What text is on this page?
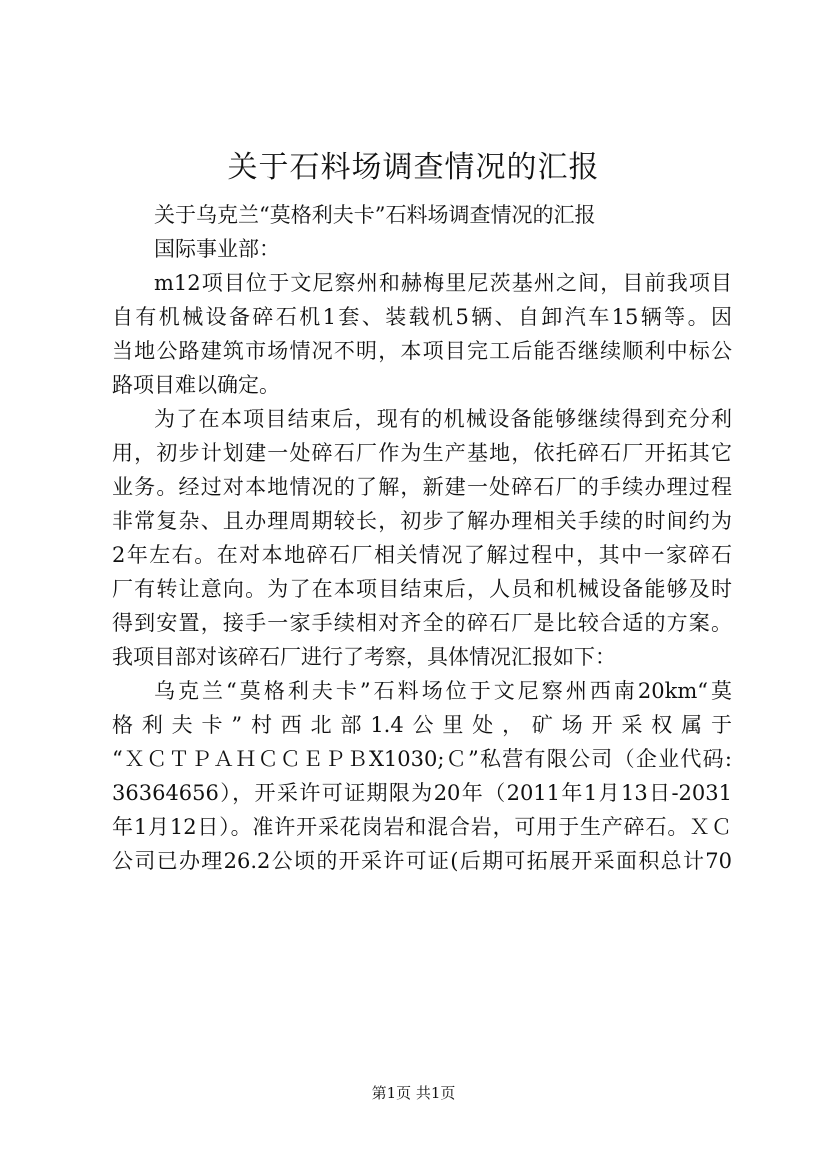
关于石料场调查情况的汇报
关于乌克兰“莫格利夫卡”石料场调查情况的汇报
国际事业部：
m12项目位于文尼察州和赫梅里尼茨基州之间，目前我项目
自有机械设备碎石机1套、装载机5辆、自卸汽车15辆等。因
当地公路建筑市场情况不明，本项目完工后能否继续顺利中标公
路项目难以确定。
为了在本项目结束后，现有的机械设备能够继续得到充分利
用，初步计划建一处碎石厂作为生产基地，依托碎石厂开拓其它
业务。经过对本地情况的了解，新建一处碎石厂的手续办理过程
非常复杂、且办理周期较长，初步了解办理相关手续的时间约为
2年左右。在对本地碎石厂相关情况了解过程中，其中一家碎石
厂有转让意向。为了在本项目结束后，人员和机械设备能够及时
得到安置，接手一家手续相对齐全的碎石厂是比较合适的方案。
我项目部对该碎石厂进行了考察，具体情况汇报如下：
乌克兰“莫格利夫卡”石料场位于文尼察州西南20km“莫
格利夫卡”村西北部1.4公里处，矿场开采权属于
“ＸＣＴＰＡＨＣＣＥＰＢX1030;Ｃ”私营有限公司（企业代码:
36364656），开采许可证期限为20年（2011年1月13日-2031
年1月12日）。准许开采花岗岩和混合岩，可用于生产碎石。ＸＣ
公司已办理26.2公顷的开采许可证(后期可拓展开采面积总计70
第1页 共1页
